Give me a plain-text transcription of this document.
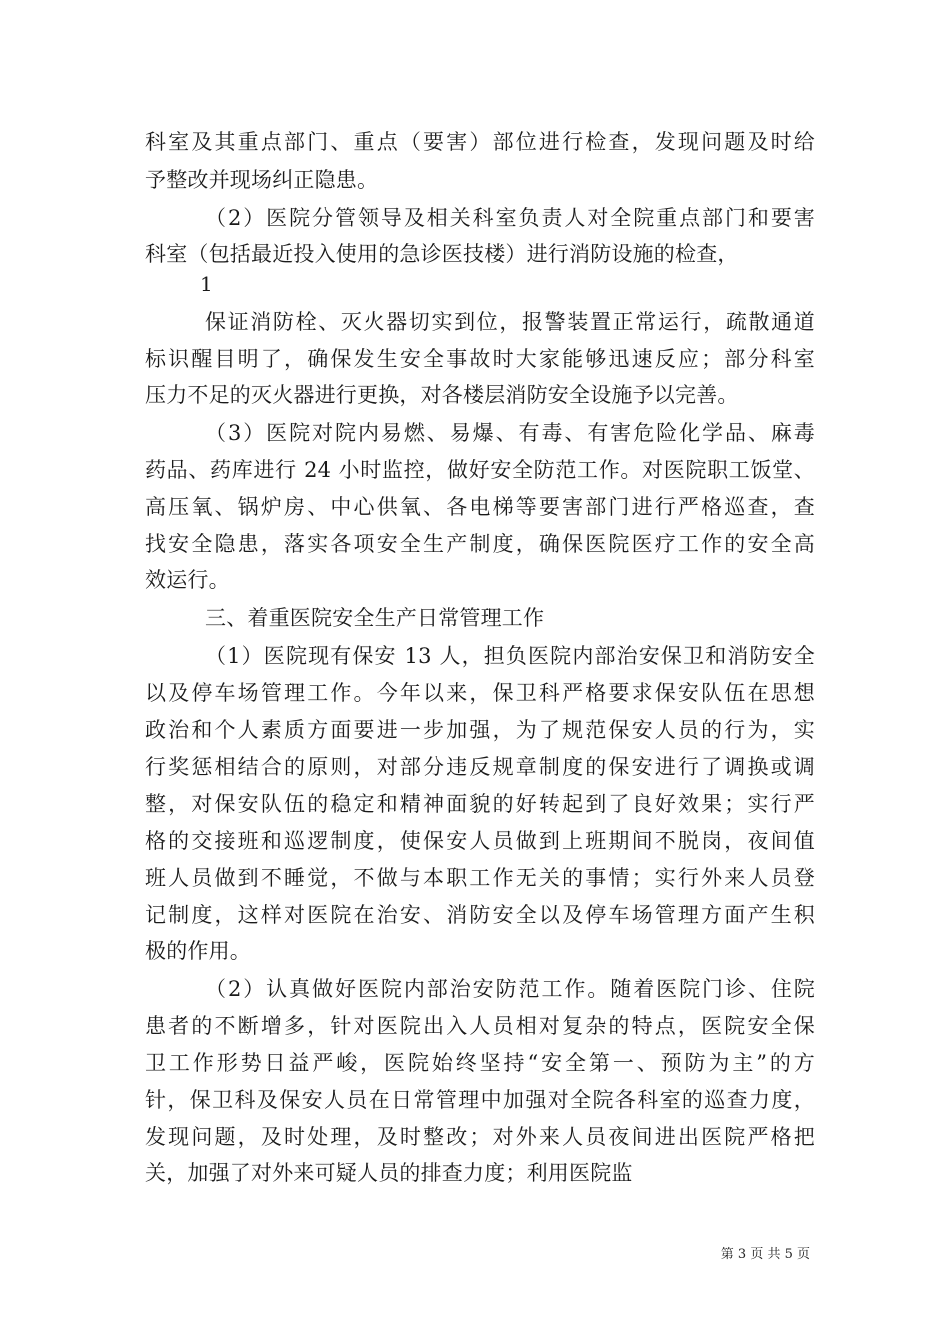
科室及其重点部门、重点（要害）部位进行检查，发现问题及时给
予整改并现场纠正隐患。
（2）医院分管领导及相关科室负责人对全院重点部门和要害
科室（包括最近投入使用的急诊医技楼）进行消防设施的检查，
保证消防栓、灭火器切实到位，报警装置正常运行，疏散通道
标识醒目明了，确保发生安全事故时大家能够迅速反应；部分科室
压力不足的灭火器进行更换，对各楼层消防安全设施予以完善。
（3）医院对院内易燃、易爆、有毒、有害危险化学品、麻毒
药品、药库进行 24 小时监控，做好安全防范工作。对医院职工饭堂、
高压氧、锅炉房、中心供氧、各电梯等要害部门进行严格巡查，查
找安全隐患，落实各项安全生产制度，确保医院医疗工作的安全高
效运行。
三、着重医院安全生产日常管理工作
（1）医院现有保安 13 人，担负医院内部治安保卫和消防安全
以及停车场管理工作。今年以来，保卫科严格要求保安队伍在思想
政治和个人素质方面要进一步加强，为了规范保安人员的行为，实
行奖惩相结合的原则，对部分违反规章制度的保安进行了调换或调
整，对保安队伍的稳定和精神面貌的好转起到了良好效果；实行严
格的交接班和巡逻制度，使保安人员做到上班期间不脱岗，夜间值
班人员做到不睡觉，不做与本职工作无关的事情；实行外来人员登
记制度，这样对医院在治安、消防安全以及停车场管理方面产生积
极的作用。
（2）认真做好医院内部治安防范工作。随着医院门诊、住院
患者的不断增多，针对医院出入人员相对复杂的特点，医院安全保
卫工作形势日益严峻，医院始终坚持“安全第一、预防为主”的方
针，保卫科及保安人员在日常管理中加强对全院各科室的巡查力度，
发现问题，及时处理，及时整改；对外来人员夜间进出医院严格把
关，加强了对外来可疑人员的排查力度；利用医院监
1
第 3 页 共 5 页
